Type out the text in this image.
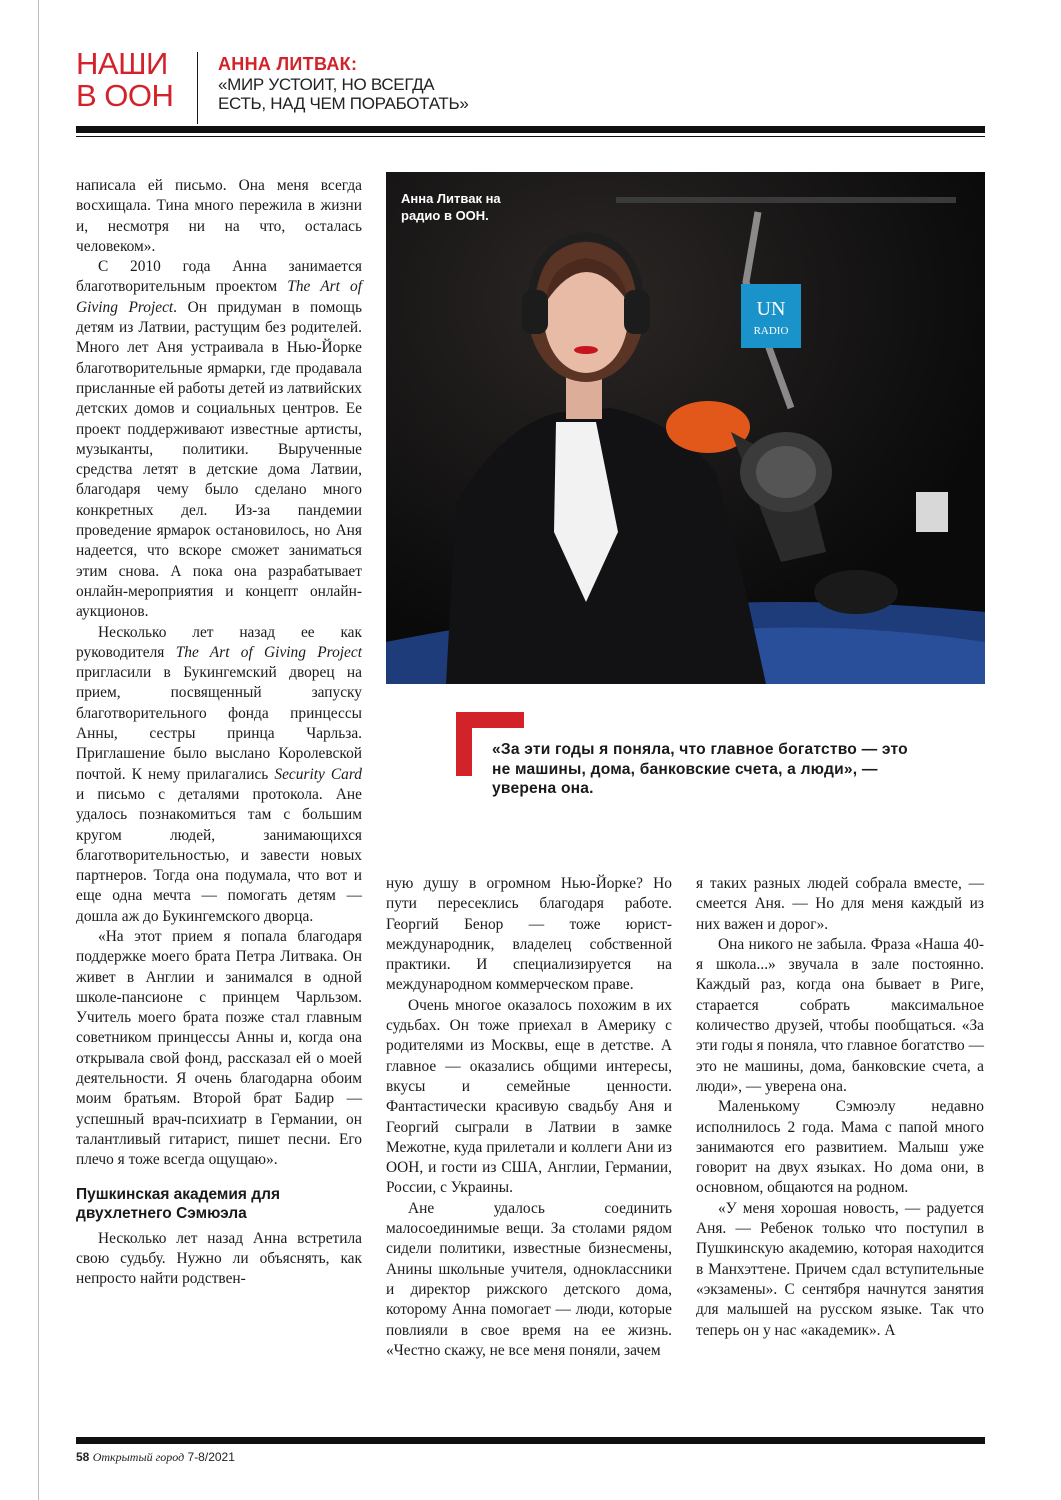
НАШИ
В ООН
АННА ЛИТВАК:
«МИР УСТОИТ, НО ВСЕГДА
ЕСТЬ, НАД ЧЕМ ПОРАБОТАТЬ»

написала ей письмо. Она меня всегда восхищала. Тина много пережила в жизни и, несмотря ни на что, осталась человеком».

С 2010 года Анна занимается благотворительным проектом The Art of Giving Project. Он придуман в помощь детям из Латвии, растущим без родителей. Много лет Аня устраивала в Нью-Йорке благотворительные ярмарки, где продавала присланные ей работы детей из латвийских детских домов и социальных центров. Ее проект поддерживают известные артисты, музыканты, политики. Вырученные средства летят в детские дома Латвии, благодаря чему было сделано много конкретных дел. Из-за пандемии проведение ярмарок остановилось, но Аня надеется, что вскоре сможет заниматься этим снова. А пока она разрабатывает онлайн-мероприятия и концепт онлайн-аукционов.

Несколько лет назад ее как руководителя The Art of Giving Project пригласили в Букингемский дворец на прием, посвященный запуску благотворительного фонда принцессы Анны, сестры принца Чарльза. Приглашение было выслано Королевской почтой. К нему прилагались Security Card и письмо с деталями протокола. Ане удалось познакомиться там с большим кругом людей, занимающихся благотворительностью, и завести новых партнеров. Тогда она подумала, что вот и еще одна мечта — помогать детям — дошла аж до Букингемского дворца.

«На этот прием я попала благодаря поддержке моего брата Петра Литвака. Он живет в Англии и занимался в одной школе-пансионе с принцем Чарльзом. Учитель моего брата позже стал главным советником принцессы Анны и, когда она открывала свой фонд, рассказал ей о моей деятельности. Я очень благодарна обоим моим братьям. Второй брат Бадир — успешный врач-психиатр в Германии, он талантливый гитарист, пишет песни. Его плечо я тоже всегда ощущаю».

Пушкинская академия для двухлетнего Сэмюэла

Несколько лет назад Анна встретила свою судьбу. Нужно ли объяснять, как непросто найти родствен-

UN
RADIO
Анна Литвак на
радио в ООН.
«За эти годы я поняла, что главное богатство — это не машины, дома, банковские счета, а люди», — уверена она.

ную душу в огромном Нью-Йорке? Но пути пересеклись благодаря работе. Георгий Бенор — тоже юрист-международник, владелец собственной практики. И специализируется на международном коммерческом праве.

Очень многое оказалось похожим в их судьбах. Он тоже приехал в Америку с родителями из Москвы, еще в детстве. А главное — оказались общими интересы, вкусы и семейные ценности. Фантастически красивую свадьбу Аня и Георгий сыграли в Латвии в замке Межотне, куда прилетали и коллеги Ани из ООН, и гости из США, Англии, Германии, России, с Украины.

Ане удалось соединить малосоединимые вещи. За столами рядом сидели политики, известные бизнесмены, Анины школьные учителя, одноклассники и директор рижского детского дома, которому Анна помогает — люди, которые повлияли в свое время на ее жизнь. «Честно скажу, не все меня поняли, зачем

я таких разных людей собрала вместе, — смеется Аня. — Но для меня каждый из них важен и дорог».

Она никого не забыла. Фраза «Наша 40-я школа...» звучала в зале постоянно. Каждый раз, когда она бывает в Риге, старается собрать максимальное количество друзей, чтобы пообщаться. «За эти годы я поняла, что главное богатство — это не машины, дома, банковские счета, а люди», — уверена она.

Маленькому Сэмюэлу недавно исполнилось 2 года. Мама с папой много занимаются его развитием. Малыш уже говорит на двух языках. Но дома они, в основном, общаются на родном.

«У меня хорошая новость, — радуется Аня. — Ребенок только что поступил в Пушкинскую академию, которая находится в Манхэттене. Причем сдал вступительные «экзамены». С сентября начнутся занятия для малышей на русском языке. Так что теперь он у нас «академик». А

58 Открытый город 7-8/2021
